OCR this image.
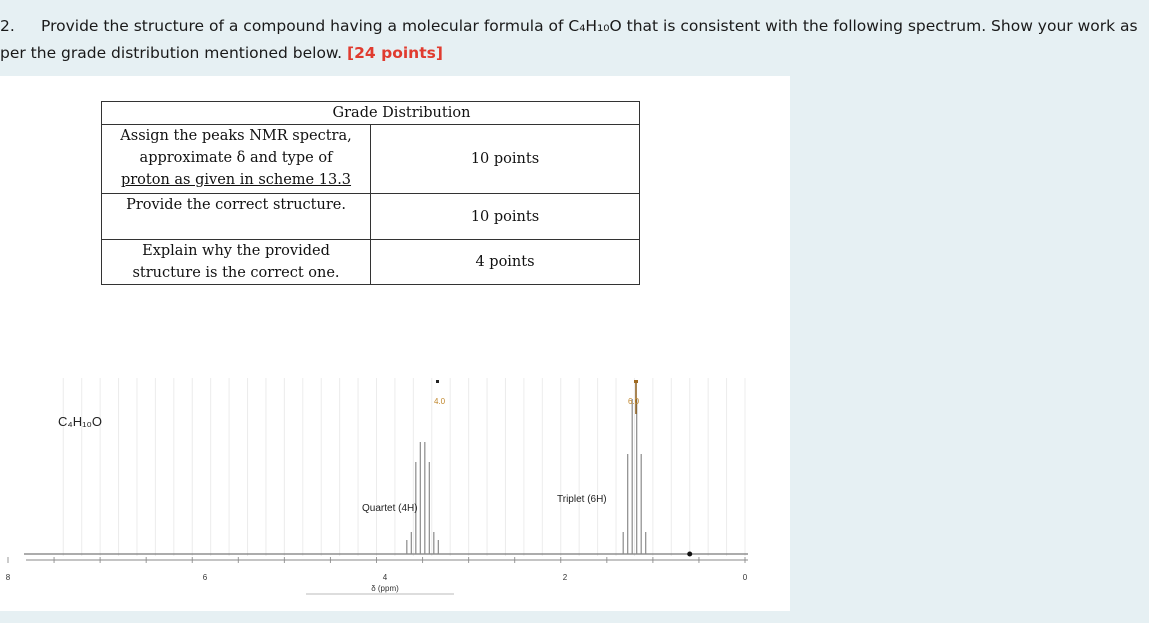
2. Provide the structure of a compound having a molecular formula of C₄H₁₀O that is consistent with the following spectrum. Show your work as per the grade distribution mentioned below. [24 points]
Grade Distribution	

Assign the peaks NMR spectra,
approximate δ and type of
proton as given in scheme 13.3	10 points

Provide the correct structure.	10 points

Explain why the provided
structure is the correct one.	4 points
C₄H₁₀O
Quartet (4H)
Triplet (6H)
4.0	6.0
8	6	4	2	0
δ (ppm)
